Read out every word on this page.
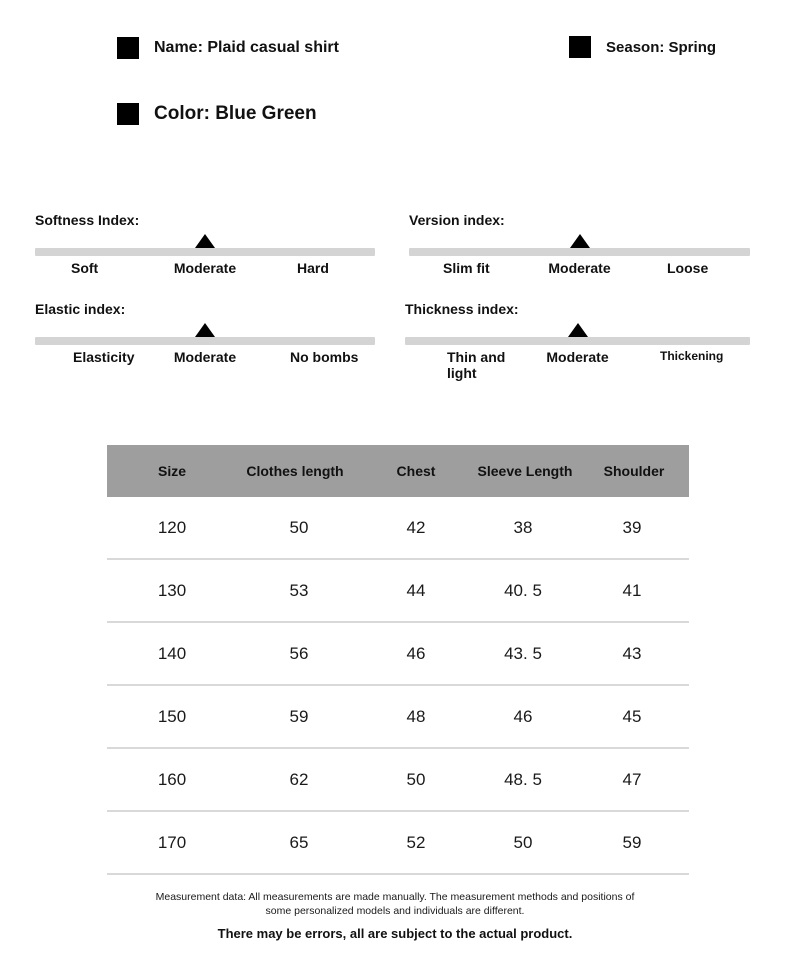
Name: Plaid casual shirt	Season: Spring
Color: Blue Green

Softness Index:

Soft	Moderate	Hard

Version index:

Slim fit	Moderate	Loose

Elastic index:

Elasticity	Moderate	No bombs

Thickness index:

Thin and light
Moderate	Thickening
Size	Clothes length	Chest	Sleeve Length	Shoulder
120	50	42	38	39
130	53	44	40. 5	41
140	56	46	43. 5	43
150	59	48	46	45
160	62	50	48. 5	47
170	65	52	50	59

Measurement data: All measurements are made manually. The measurement methods and positions of some personalized models and individuals are different.

There may be errors, all are subject to the actual product.
